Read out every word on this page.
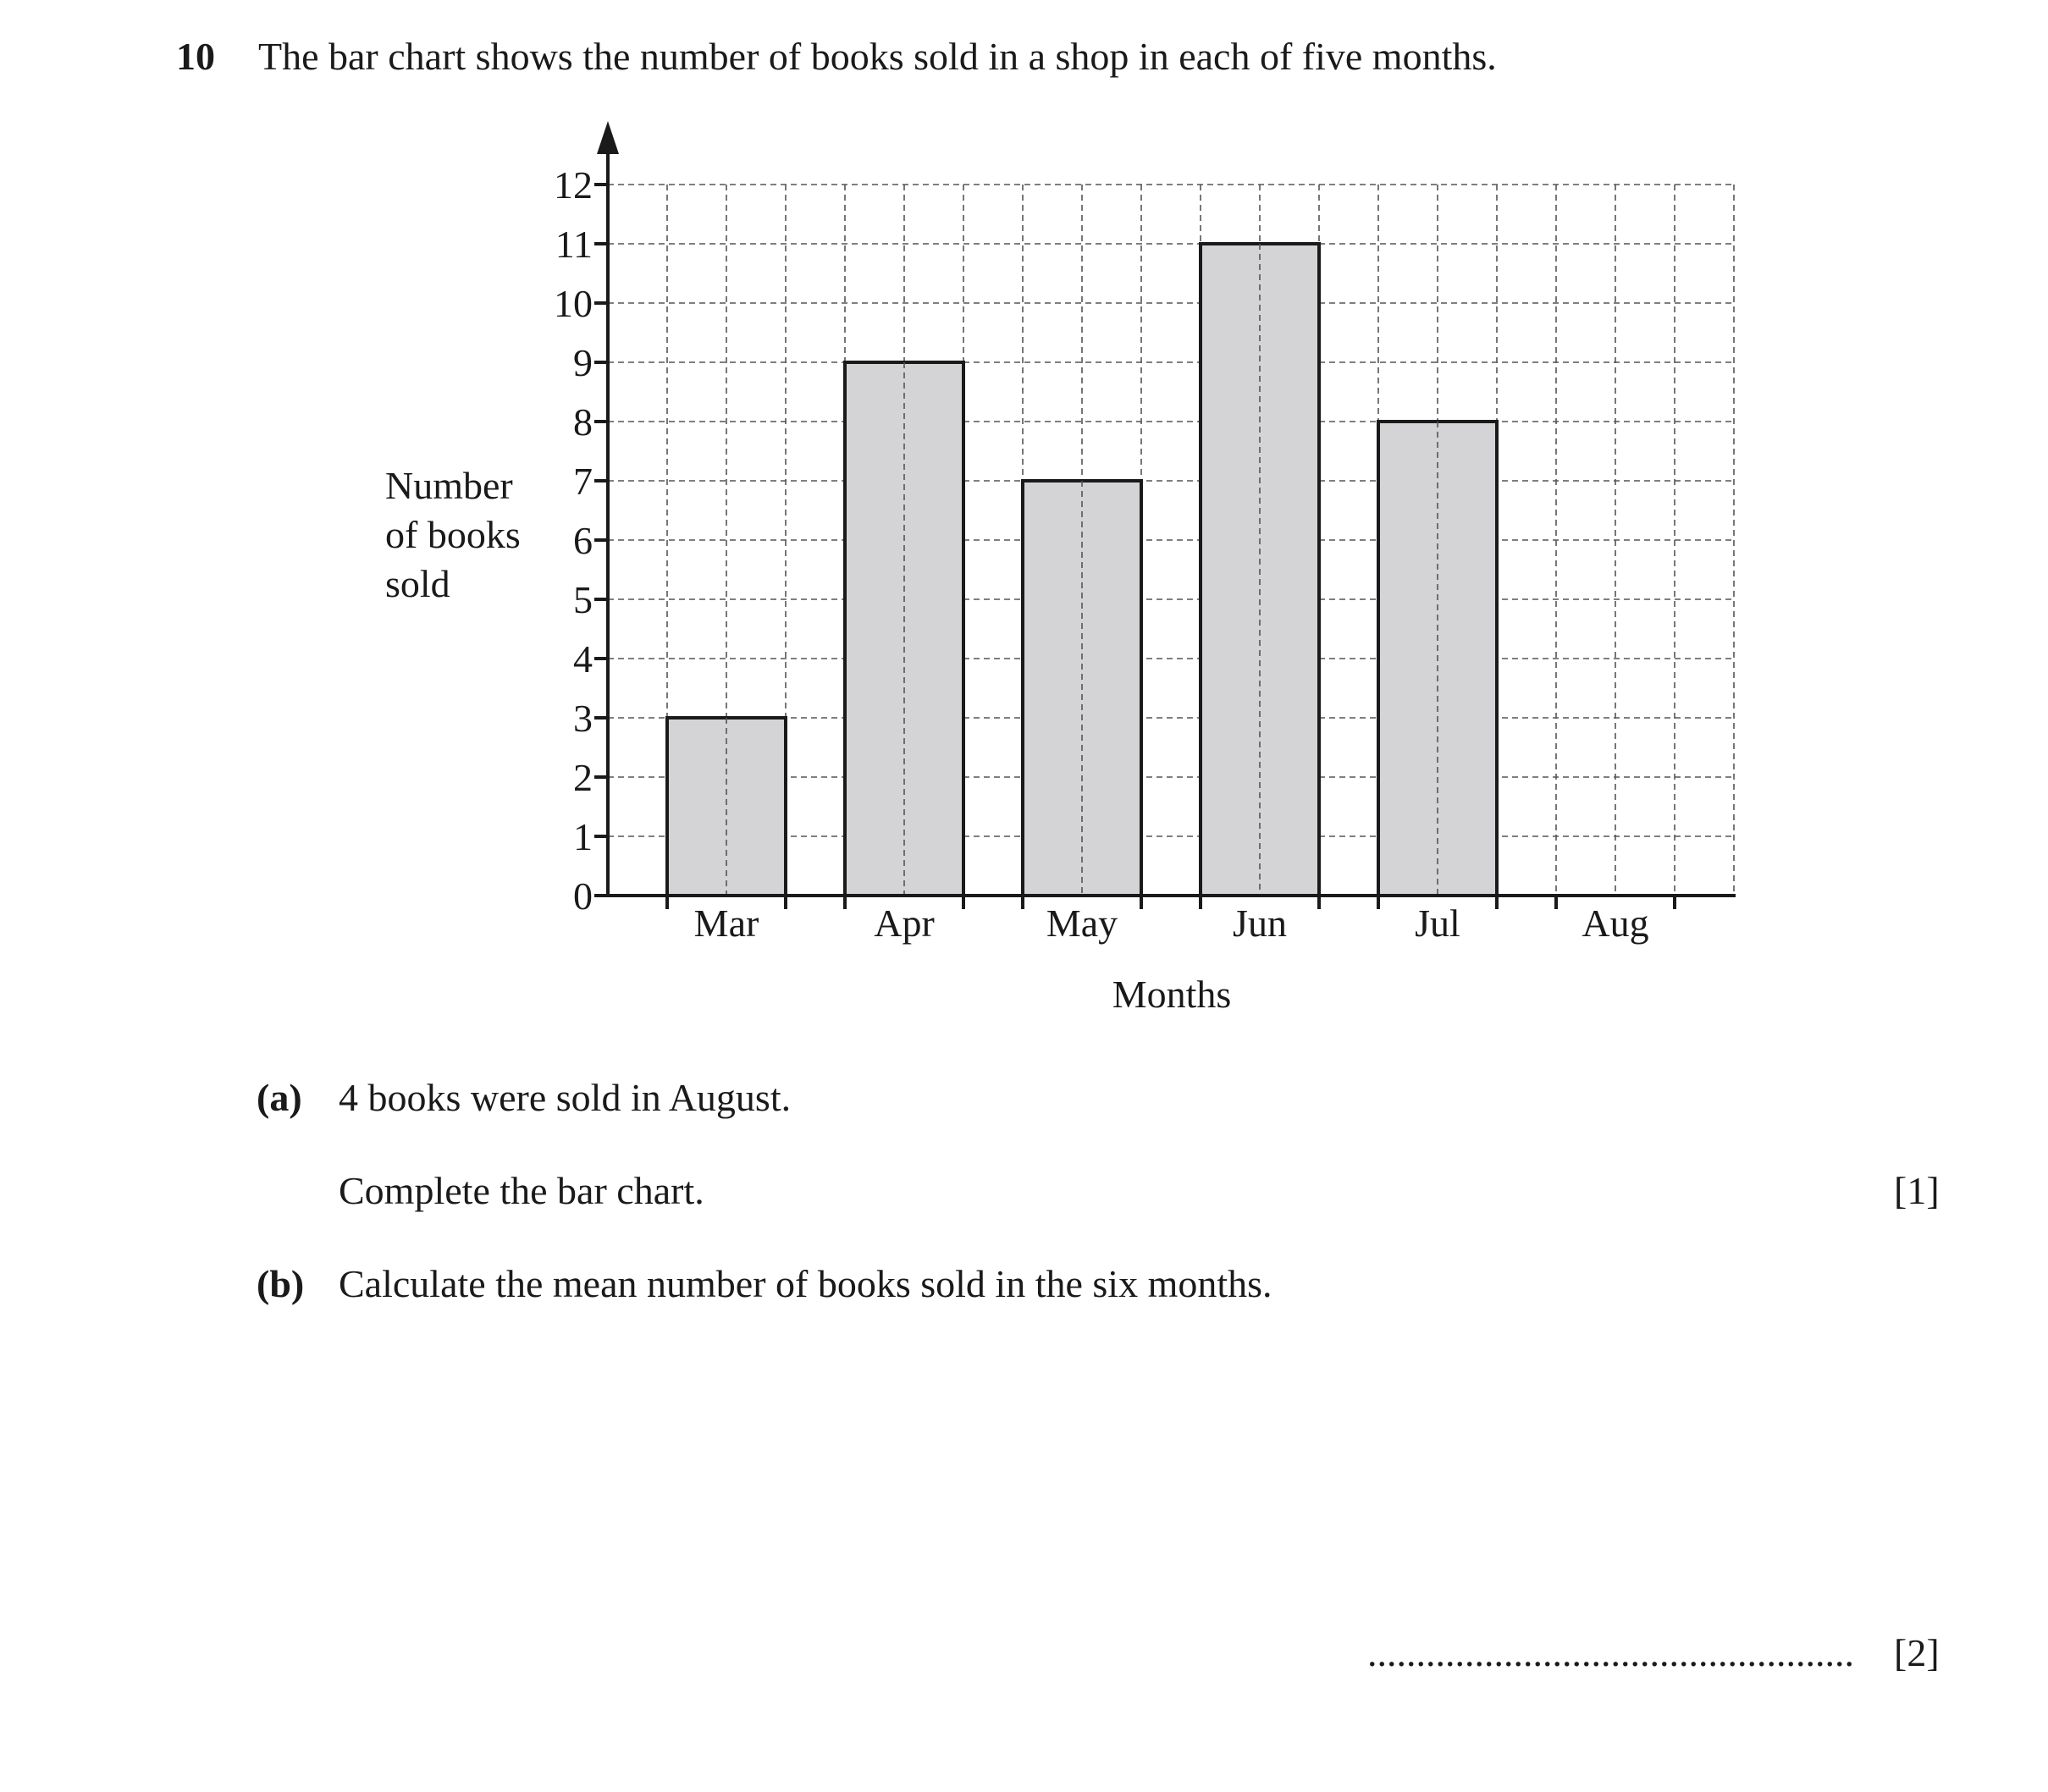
10 The bar chart shows the number of books sold in a shop in each of five months.
Mar	Apr	May	Jun	Jul	Aug
0
1
2
3
4
5
6
7
8
9
10
11
12
Months
Number
of books
sold
(a) 4 books were sold in August.
Complete the bar chart.	[1]
(b) Calculate the mean number of books sold in the six months.
.................................................. [2]
